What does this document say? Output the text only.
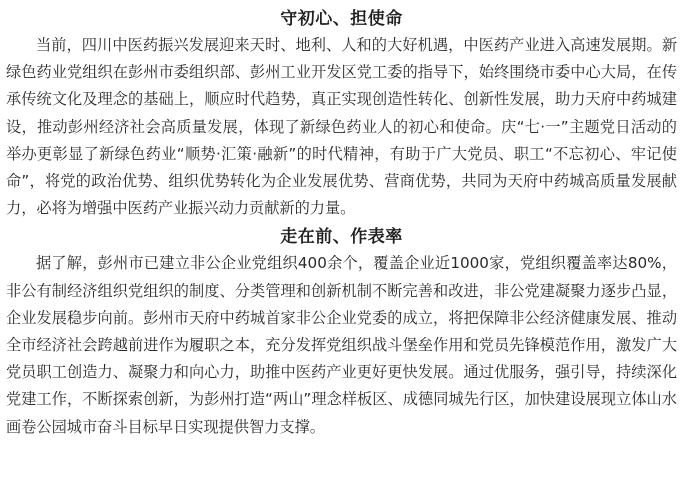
守初心、担使命

当前，四川中医药振兴发展迎来天时、地利、人和的大好机遇，中医药产业进入高速发展期。新绿色药业党组织在彭州市委组织部、彭州工业开发区党工委的指导下，始终围绕市委中心大局，在传承传统文化及理念的基础上，顺应时代趋势，真正实现创造性转化、创新性发展，助力天府中药城建设，推动彭州经济社会高质量发展，体现了新绿色药业人的初心和使命。庆“七·一”主题党日活动的举办更彰显了新绿色药业“顺势·汇策·融新”的时代精神，有助于广大党员、职工“不忘初心、牢记使命”，将党的政治优势、组织优势转化为企业发展优势、营商优势，共同为天府中药城高质量发展献力，必将为增强中医药产业振兴动力贡献新的力量。

走在前、作表率

据了解，彭州市已建立非公企业党组织400余个，覆盖企业近1000家，党组织覆盖率达80%，非公有制经济组织党组织的制度、分类管理和创新机制不断完善和改进，非公党建凝聚力逐步凸显，企业发展稳步向前。彭州市天府中药城首家非公企业党委的成立，将把保障非公经济健康发展、推动全市经济社会跨越前进作为履职之本，充分发挥党组织战斗堡垒作用和党员先锋模范作用，激发广大党员职工创造力、凝聚力和向心力，助推中医药产业更好更快发展。通过优服务，强引导，持续深化党建工作，不断探索创新，为彭州打造“两山”理念样板区、成德同城先行区，加快建设展现立体山水画卷公园城市奋斗目标早日实现提供智力支撑。
